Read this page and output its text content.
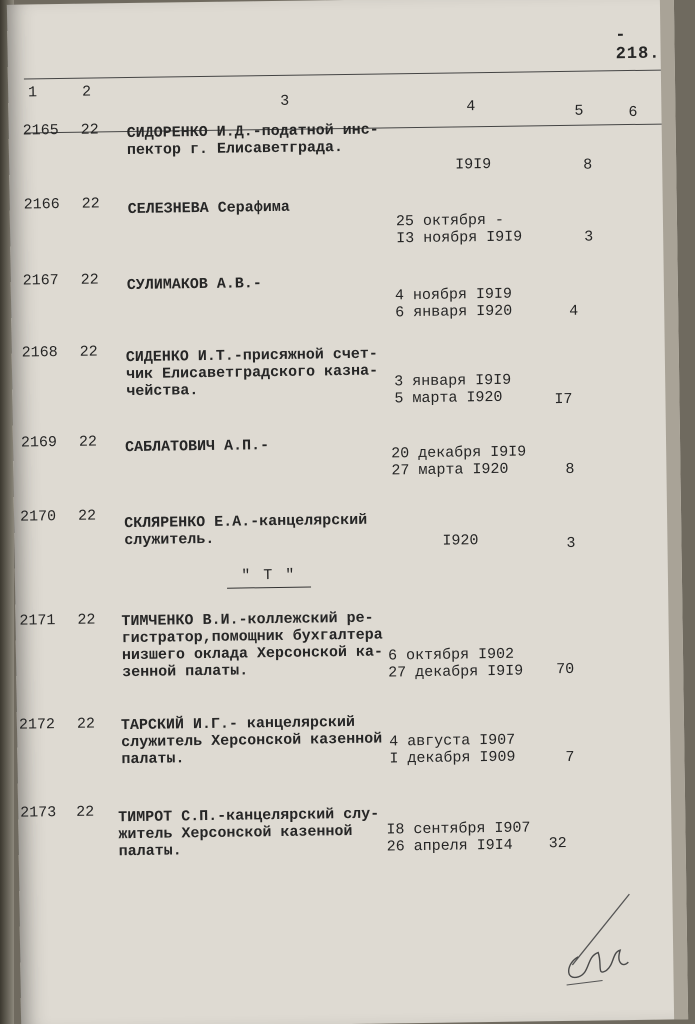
- 218.
1	2
3	4	5	6
2165 22 СИДОРЕНКО И.Д.-податной инс-
пектор г. Елисаветграда.
I9I9	8
2166 22 СЕЛЕЗНЕВА Серафима
25 октября -
I3 ноября I9I9	3
2167 22 СУЛИМАКОВ А.В.-
4 ноября I9I9
6 января I920	4
2168 22 СИДЕНКО И.Т.-присяжной счет-
чик Елисаветградского казна-
чейства.
3 января I9I9
5 марта I920	I7
2169 22 САБЛАТОВИЧ А.П.-	20 декабря I9I9
27 марта I920	8
2170 22 СКЛЯРЕНКО Е.А.-канцелярский
служитель.	I920	3
" Т "
2171 22 ТИМЧЕНКО В.И.-коллежский ре-
гистратор,помощник бухгалтера
низшего оклада Херсонской ка-
зенной палаты.
6 октября I902
27 декабря I9I9 70
2172 22 ТАРСКИЙ И.Г.- канцелярский
служитель Херсонской казенной
палаты.
4 августа I907
I декабря I909	7
2173 22 ТИМРОТ С.П.-канцелярский слу-
житель Херсонской казенной
палаты.
I8 сентября I907
26 апреля I9I4	32
